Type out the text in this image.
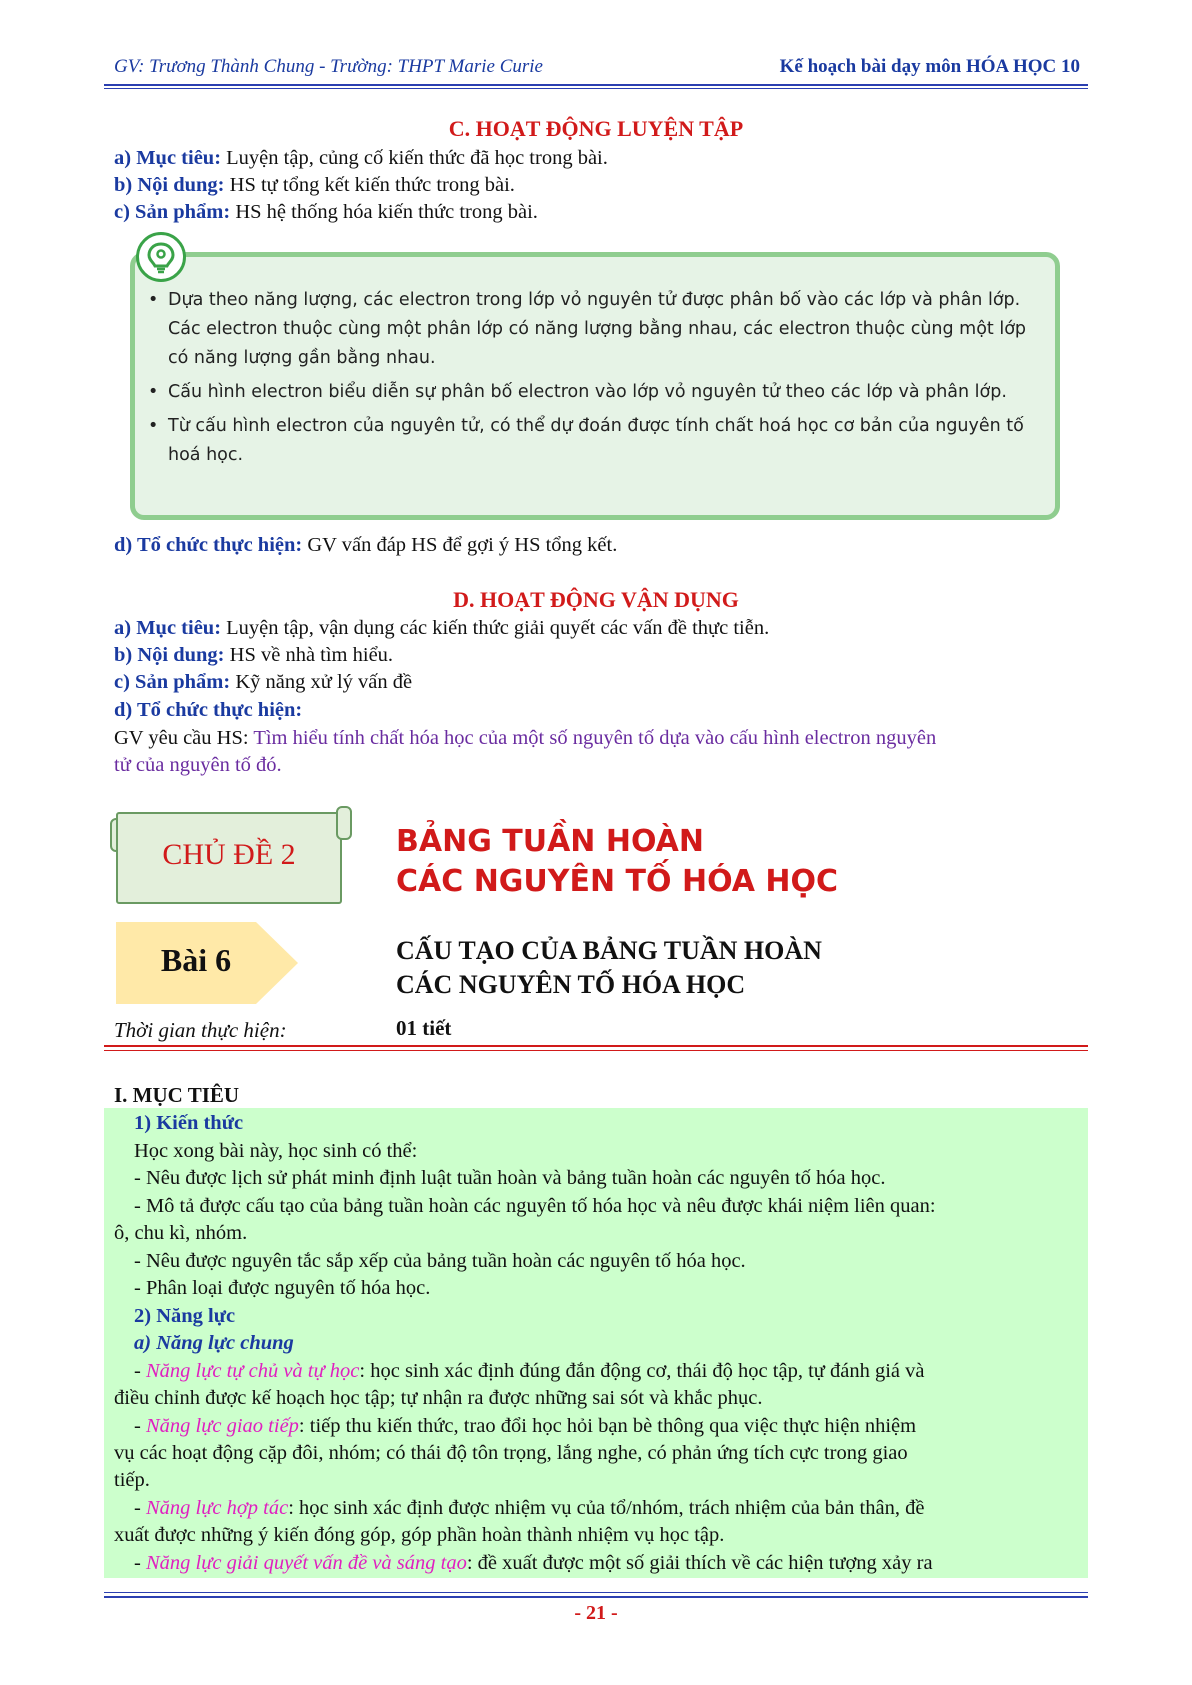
GV: Trương Thành Chung - Trường: THPT Marie Curie	Kế hoạch bài dạy môn HÓA HỌC 10
C. HOẠT ĐỘNG LUYỆN TẬP
a) Mục tiêu: Luyện tập, củng cố kiến thức đã học trong bài.
b) Nội dung: HS tự tổng kết kiến thức trong bài.
c) Sản phẩm: HS hệ thống hóa kiến thức trong bài.
• Dựa theo năng lượng, các electron trong lớp vỏ nguyên tử được phân bố vào các lớp và phân lớp. Các electron thuộc cùng một phân lớp có năng lượng bằng nhau, các electron thuộc cùng một lớp có năng lượng gần bằng nhau.
• Cấu hình electron biểu diễn sự phân bố electron vào lớp vỏ nguyên tử theo các lớp và phân lớp.
• Từ cấu hình electron của nguyên tử, có thể dự đoán được tính chất hoá học cơ bản của nguyên tố hoá học.
d) Tổ chức thực hiện: GV vấn đáp HS để gợi ý HS tổng kết.
D. HOẠT ĐỘNG VẬN DỤNG
a) Mục tiêu: Luyện tập, vận dụng các kiến thức giải quyết các vấn đề thực tiễn.
b) Nội dung: HS về nhà tìm hiểu.
c) Sản phẩm: Kỹ năng xử lý vấn đề
d) Tổ chức thực hiện:
GV yêu cầu HS: Tìm hiểu tính chất hóa học của một số nguyên tố dựa vào cấu hình electron nguyên
tử của nguyên tố đó.
CHỦ ĐỀ 2	BẢNG TUẦN HOÀN
CÁC NGUYÊN TỐ HÓA HỌC
Bài 6	CẤU TẠO CỦA BẢNG TUẦN HOÀN
CÁC NGUYÊN TỐ HÓA HỌC
Thời gian thực hiện:	01 tiết
I. MỤC TIÊU
1) Kiến thức
Học xong bài này, học sinh có thể:
- Nêu được lịch sử phát minh định luật tuần hoàn và bảng tuần hoàn các nguyên tố hóa học.
- Mô tả được cấu tạo của bảng tuần hoàn các nguyên tố hóa học và nêu được khái niệm liên quan:
ô, chu kì, nhóm.
- Nêu được nguyên tắc sắp xếp của bảng tuần hoàn các nguyên tố hóa học.
- Phân loại được nguyên tố hóa học.
2) Năng lực
a) Năng lực chung
- Năng lực tự chủ và tự học: học sinh xác định đúng đắn động cơ, thái độ học tập, tự đánh giá và
điều chỉnh được kế hoạch học tập; tự nhận ra được những sai sót và khắc phục.
- Năng lực giao tiếp: tiếp thu kiến thức, trao đổi học hỏi bạn bè thông qua việc thực hiện nhiệm
vụ các hoạt động cặp đôi, nhóm; có thái độ tôn trọng, lắng nghe, có phản ứng tích cực trong giao
tiếp.
- Năng lực hợp tác: học sinh xác định được nhiệm vụ của tổ/nhóm, trách nhiệm của bản thân, đề
xuất được những ý kiến đóng góp, góp phần hoàn thành nhiệm vụ học tập.
- Năng lực giải quyết vấn đề và sáng tạo: đề xuất được một số giải thích về các hiện tượng xảy ra
- 21 -
